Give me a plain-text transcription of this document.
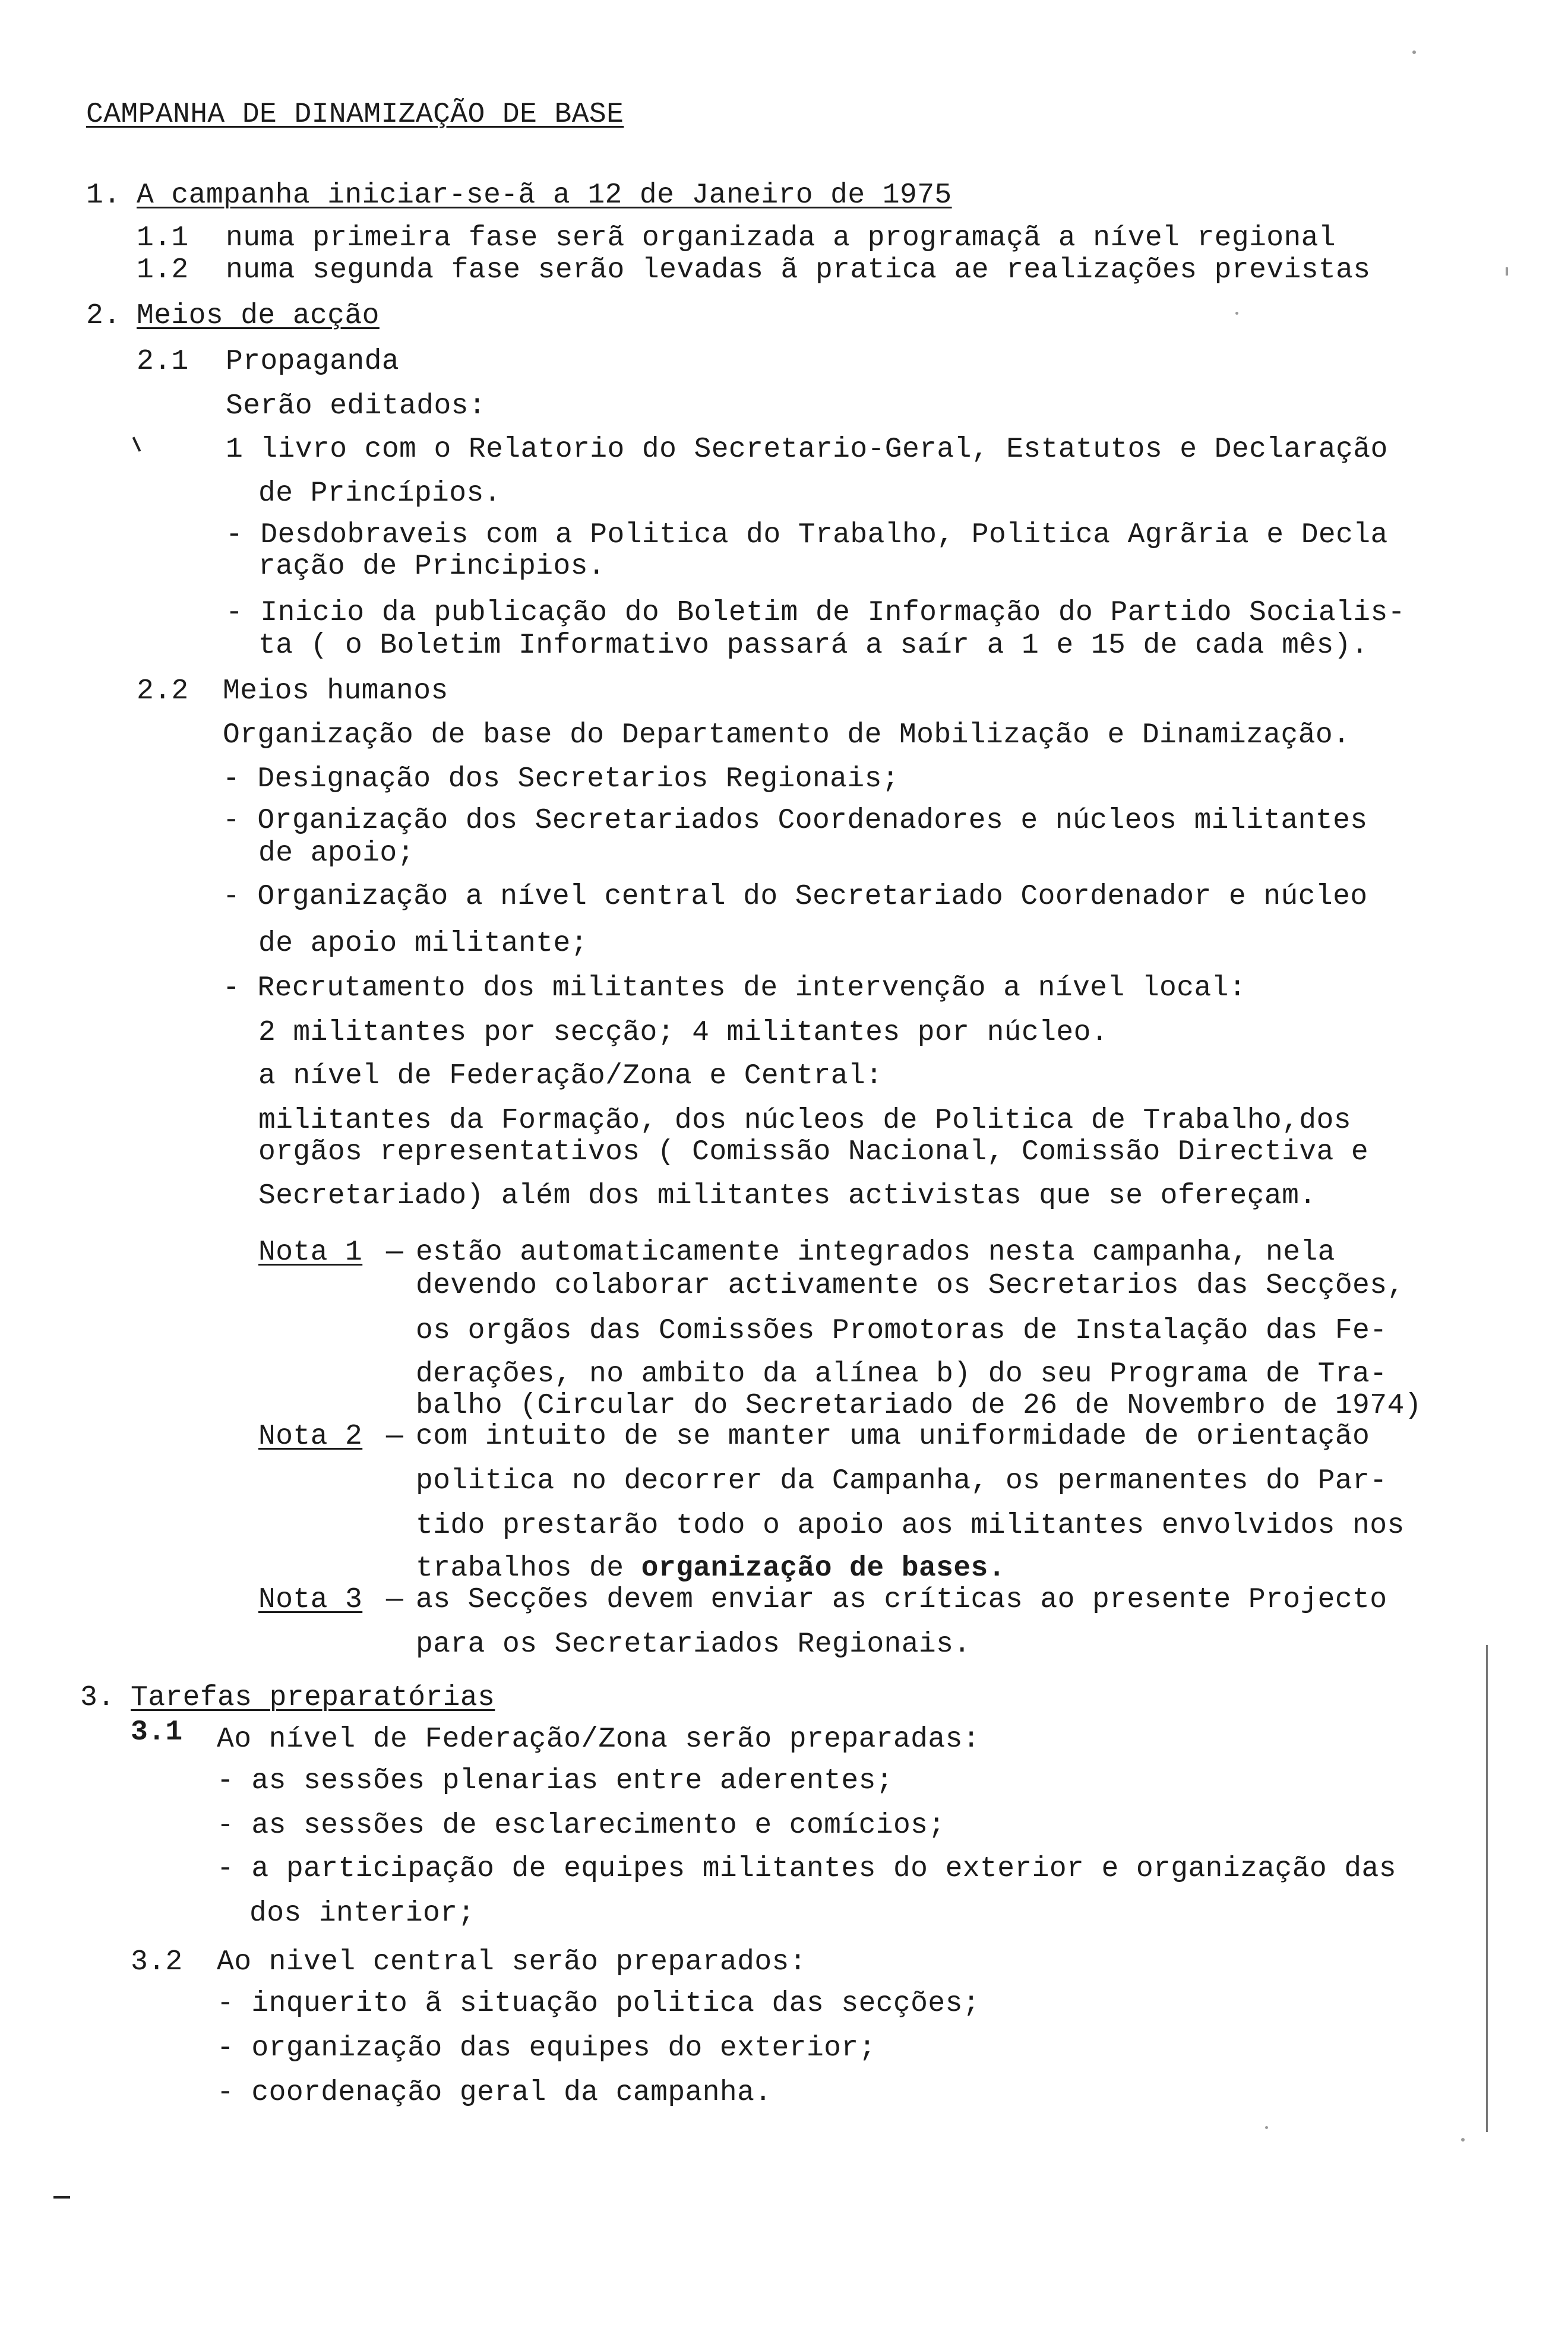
CAMPANHA DE DINAMIZAÇÃO DE BASE
1. A campanha iniciar-se-ã a 12 de Janeiro de 1975
1.1 numa primeira fase serã organizada a programaçã a nível regional
1.2 numa segunda fase serão levadas ã pratica ae realizações previstas
2. Meios de acção
2.1 Propaganda
Serão editados:
1 livro com o Relatorio do Secretario-Geral, Estatutos e Declaração
de Princípios.
- Desdobraveis com a Politica do Trabalho, Politica Agrãria e Decla
ração de Principios.
- Inicio da publicação do Boletim de Informação do Partido Socialis-
ta ( o Boletim Informativo passará a saír a 1 e 15 de cada mês).
2.2 Meios humanos
Organização de base do Departamento de Mobilização e Dinamização.
- Designação dos Secretarios Regionais;
- Organização dos Secretariados Coordenadores e núcleos militantes
de apoio;
- Organização a nível central do Secretariado Coordenador e núcleo
de apoio militante;
- Recrutamento dos militantes de intervenção a nível local:
2 militantes por secção; 4 militantes por núcleo.
a nível de Federação/Zona e Central:
militantes da Formação, dos núcleos de Politica de Trabalho,dos
orgãos representativos ( Comissão Nacional, Comissão Directiva e
Secretariado) além dos militantes activistas que se ofereçam.
Nota 1 — estão automaticamente integrados nesta campanha, nela
devendo colaborar activamente os Secretarios das Secções,
os orgãos das Comissões Promotoras de Instalação das Fe-
derações, no ambito da alínea b) do seu Programa de Tra-
balho (Circular do Secretariado de 26 de Novembro de 1974)
Nota 2 — com intuito de se manter uma uniformidade de orientação
politica no decorrer da Campanha, os permanentes do Par-
tido prestarão todo o apoio aos militantes envolvidos nos
trabalhos de organização de bases.
Nota 3 — as Secções devem enviar as críticas ao presente Projecto
para os Secretariados Regionais.
3. Tarefas preparatórias
3.1 Ao nível de Federação/Zona serão preparadas:
- as sessões plenarias entre aderentes;
- as sessões de esclarecimento e comícios;
- a participação de equipes militantes do exterior e organização das
dos interior;
3.2 Ao nivel central serão preparados:
- inquerito ã situação politica das secções;
- organização das equipes do exterior;
- coordenação geral da campanha.
